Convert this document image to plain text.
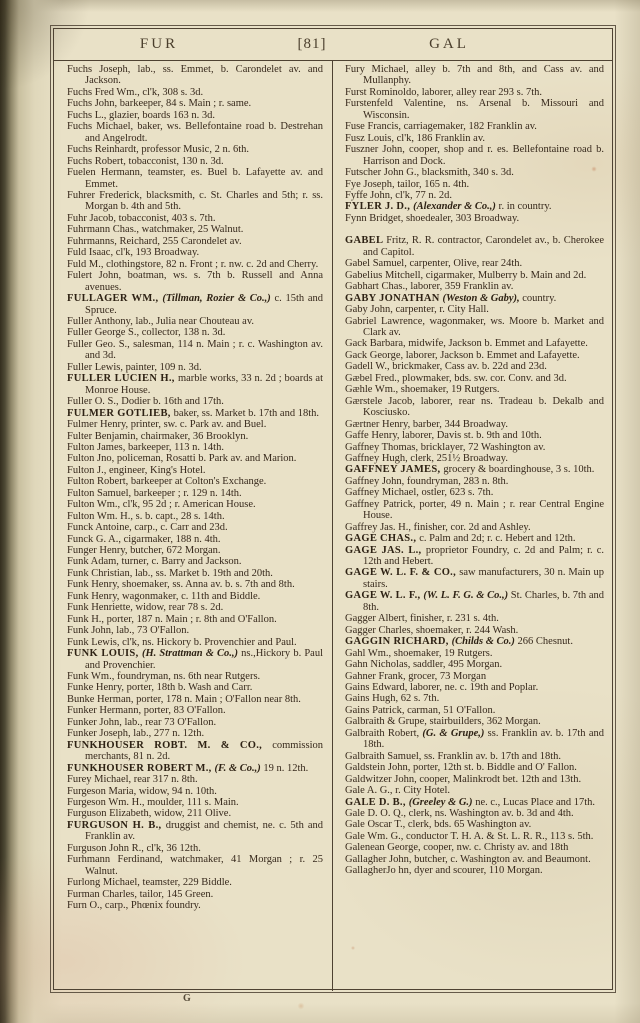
FUR	[81]	GAL

Fuchs Joseph, lab., ss. Emmet, b. Carondelet av. and Jackson.

Fuchs Fred Wm., cl'k, 308 s. 3d.

Fuchs John, barkeeper, 84 s. Main ; r. same.

Fuchs L., glazier, boards 163 n. 3d.

Fuchs Michael, baker, ws. Bellefontaine road b. Destrehan and Angelrodt.

Fuchs Reinhardt, professor Music, 2 n. 6th.

Fuchs Robert, tobacconist, 130 n. 3d.

Fuelen Hermann, teamster, es. Buel b. Lafayette av. and Emmet.

Fuhrer Frederick, blacksmith, c. St. Charles and 5th; r. ss. Morgan b. 4th and 5th.

Fuhr Jacob, tobacconist, 403 s. 7th.

Fuhrmann Chas., watchmaker, 25 Walnut.

Fuhrmanns, Reichard, 255 Carondelet av.

Fuld Isaac, cl'k, 193 Broadway.

Fuld M., clothingstore, 82 n. Front ; r. nw. c. 2d and Cherry.

Fulert John, boatman, ws. s. 7th b. Russell and Anna avenues.

FULLAGER WM., (Tillman, Rozier & Co.,) c. 15th and Spruce.

Fuller Anthony, lab., Julia near Chouteau av.

Fuller George S., collector, 138 n. 3d.

Fuller Geo. S., salesman, 114 n. Main ; r. c. Washington av. and 3d.

Fuller Lewis, painter, 109 n. 3d.

FULLER LUCIEN H., marble works, 33 n. 2d ; boards at Monroe House.

Fuller O. S., Dodier b. 16th and 17th.

FULMER GOTLIEB, baker, ss. Market b. 17th and 18th.

Fulmer Henry, printer, sw. c. Park av. and Buel.

Fulter Benjamin, chairmaker, 36 Brooklyn.

Fulton James, barkeeper, 113 n. 14th.

Fulton Jno, policeman, Rosatti b. Park av. and Marion.

Fulton J., engineer, King's Hotel.

Fulton Robert, barkeeper at Colton's Exchange.

Fulton Samuel, barkeeper ; r. 129 n. 14th.

Fulton Wm., cl'k, 95 2d ; r. American House.

Fulton Wm. H., s. b. capt., 28 s. 14th.

Funck Antoine, carp., c. Carr and 23d.

Funck G. A., cigarmaker, 188 n. 4th.

Funger Henry, butcher, 672 Morgan.

Funk Adam, turner, c. Barry and Jackson.

Funk Christian, lab., ss. Market b. 19th and 20th.

Funk Henry, shoemaker, ss. Anna av. b. s. 7th and 8th.

Funk Henry, wagonmaker, c. 11th and Biddle.

Funk Henriette, widow, rear 78 s. 2d.

Funk H., porter, 187 n. Main ; r. 8th and O'Fallon.

Funk John, lab., 73 O'Fallon.

Funk Lewis, cl'k, ns. Hickory b. Provenchier and Paul.

FUNK LOUIS, (H. Strattman & Co.,) ns.,Hickory b. Paul and Provenchier.

Funk Wm., foundryman, ns. 6th near Rutgers.

Funke Henry, porter, 18th b. Wash and Carr.

Bunke Herman, porter, 178 n. Main ; O'Fallon near 8th.

Funker Hermann, porter, 83 O'Fallon.

Funker John, lab., rear 73 O'Fallon.

Funker Joseph, lab., 277 n. 12th.

FUNKHOUSER ROBT. M. & CO., commission merchants, 81 n. 2d.

FUNKHOUSER ROBERT M., (F. & Co.,) 19 n. 12th.

Furey Michael, rear 317 n. 8th.

Furgeson Maria, widow, 94 n. 10th.

Furgeson Wm. H., moulder, 111 s. Main.

Furguson Elizabeth, widow, 211 Olive.

FURGUSON H. B., druggist and chemist, ne. c. 5th and Franklin av.

Furguson John R., cl'k, 36 12th.

Furhmann Ferdinand, watchmaker, 41 Morgan ; r. 25 Walnut.

Furlong Michael, teamster, 229 Biddle.

Furman Charles, tailor, 145 Green.

Furn O., carp., Phœnix foundry.

Fury Michael, alley b. 7th and 8th, and Cass av. and Mullanphy.

Furst Rominoldo, laborer, alley rear 293 s. 7th.

Furstenfeld Valentine, ns. Arsenal b. Missouri and Wisconsin.

Fuse Francis, carriagemaker, 182 Franklin av.

Fusz Louis, cl'k, 186 Franklin av.

Fuszner John, cooper, shop and r. es. Bellefontaine road b. Harrison and Dock.

Futscher John G., blacksmith, 340 s. 3d.

Fye Joseph, tailor, 165 n. 4th.

Fyffe John, cl'k, 77 n. 2d.

FYLER J. D., (Alexander & Co.,) r. in country.

Fynn Bridget, shoedealer, 303 Broadway.

GABEL Fritz, R. R. contractor, Carondelet av., b. Cherokee and Capitol.

Gabel Samuel, carpenter, Olive, rear 24th.

Gabelius Mitchell, cigarmaker, Mulberry b. Main and 2d.

Gabhart Chas., laborer, 359 Franklin av.

GABY JONATHAN (Weston & Gaby), country.

Gaby John, carpenter, r. City Hall.

Gabriel Lawrence, wagonmaker, ws. Moore b. Market and Clark av.

Gack Barbara, midwife, Jackson b. Emmet and Lafayette.

Gack George, laborer, Jackson b. Emmet and Lafayette.

Gadell W., brickmaker, Cass av. b. 22d and 23d.

Gæbel Fred., plowmaker, bds. sw. cor. Conv. and 3d.

Gæhle Wm., shoemaker, 19 Rutgers.

Gærstele Jacob, laborer, rear ns. Tradeau b. Dekalb and Kosciusko.

Gærtner Henry, barber, 344 Broadway.

Gaffe Henry, laborer, Davis st. b. 9th and 10th.

Gaffney Thomas, bricklayer, 72 Washington av.

Gaffney Hugh, clerk, 251½ Broadway.

GAFFNEY JAMES, grocery & boardinghouse, 3 s. 10th.

Gaffney John, foundryman, 283 n. 8th.

Gaffney Michael, ostler, 623 s. 7th.

Gaffney Patrick, porter, 49 n. Main ; r. rear Central Engine House.

Gaffrey Jas. H., finisher, cor. 2d and Ashley.

GAGE CHAS., c. Palm and 2d; r. c. Hebert and 12th.

GAGE JAS. L., proprietor Foundry, c. 2d and Palm; r. c. 12th and Hebert.

GAGE W. L. F. & CO., saw manufacturers, 30 n. Main up stairs.

GAGE W. L. F., (W. L. F. G. & Co.,) St. Charles, b. 7th and 8th.

Gagger Albert, finisher, r. 231 s. 4th.

Gagger Charles, shoemaker, r. 244 Wash.

GAGGIN RICHARD, (Childs & Co.) 266 Chesnut.

Gahl Wm., shoemaker, 19 Rutgers.

Gahn Nicholas, saddler, 495 Morgan.

Gahner Frank, grocer, 73 Morgan

Gains Edward, laborer, ne. c. 19th and Poplar.

Gains Hugh, 62 s. 7th.

Gains Patrick, carman, 51 O'Fallon.

Galbraith & Grupe, stairbuilders, 362 Morgan.

Galbraith Robert, (G. & Grupe,) ss. Franklin av. b. 17th and 18th.

Galbraith Samuel, ss. Franklin av. b. 17th and 18th.

Galdstein John, porter, 12th st. b. Biddle and O' Fallon.

Galdwitzer John, cooper, Malinkrodt bet. 12th and 13th.

Gale A. G., r. City Hotel.

GALE D. B., (Greeley & G.) ne. c., Lucas Place and 17th.

Gale D. O. Q., clerk, ns. Washington av. b. 3d and 4th.

Gale Oscar T., clerk, bds. 65 Washington av.

Gale Wm. G., conductor T. H. A. & St. L. R. R., 113 s. 5th.

Galenean George, cooper, nw. c. Christy av. and 18th

Gallagher John, butcher, c. Washington av. and Beaumont.

GallagherJo hn, dyer and scourer, 110 Morgan.

G
